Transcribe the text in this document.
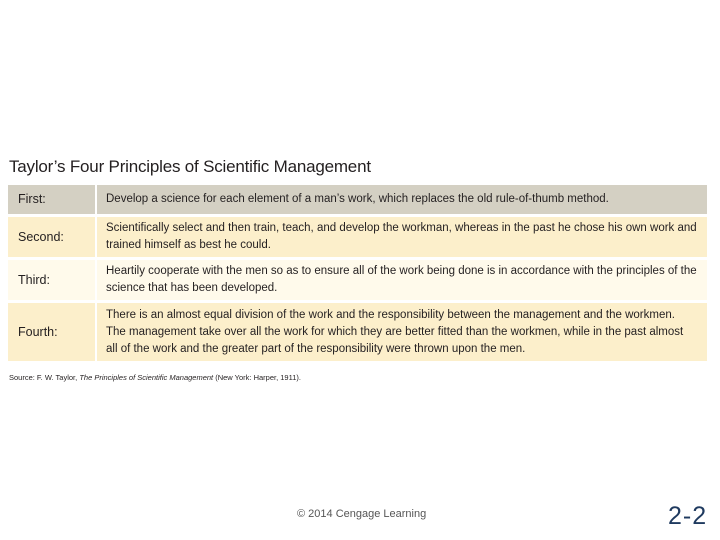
Taylor’s Four Principles of Scientific Management
First:	Develop a science for each element of a man’s work, which replaces the old rule-of-thumb method.
Second:	Scientifically select and then train, teach, and develop the workman, whereas in the past he chose his own work and trained himself as best he could.
Third:	Heartily cooperate with the men so as to ensure all of the work being done is in accordance with the principles of the science that has been developed.
Fourth:	There is an almost equal division of the work and the responsibility between the management and the workmen. The management take over all the work for which they are better fitted than the workmen, while in the past almost all of the work and the greater part of the responsibility were thrown upon the men.

Source: F. W. Taylor, The Principles of Scientific Management (New York: Harper, 1911).

© 2014 Cengage Learning	2-2
